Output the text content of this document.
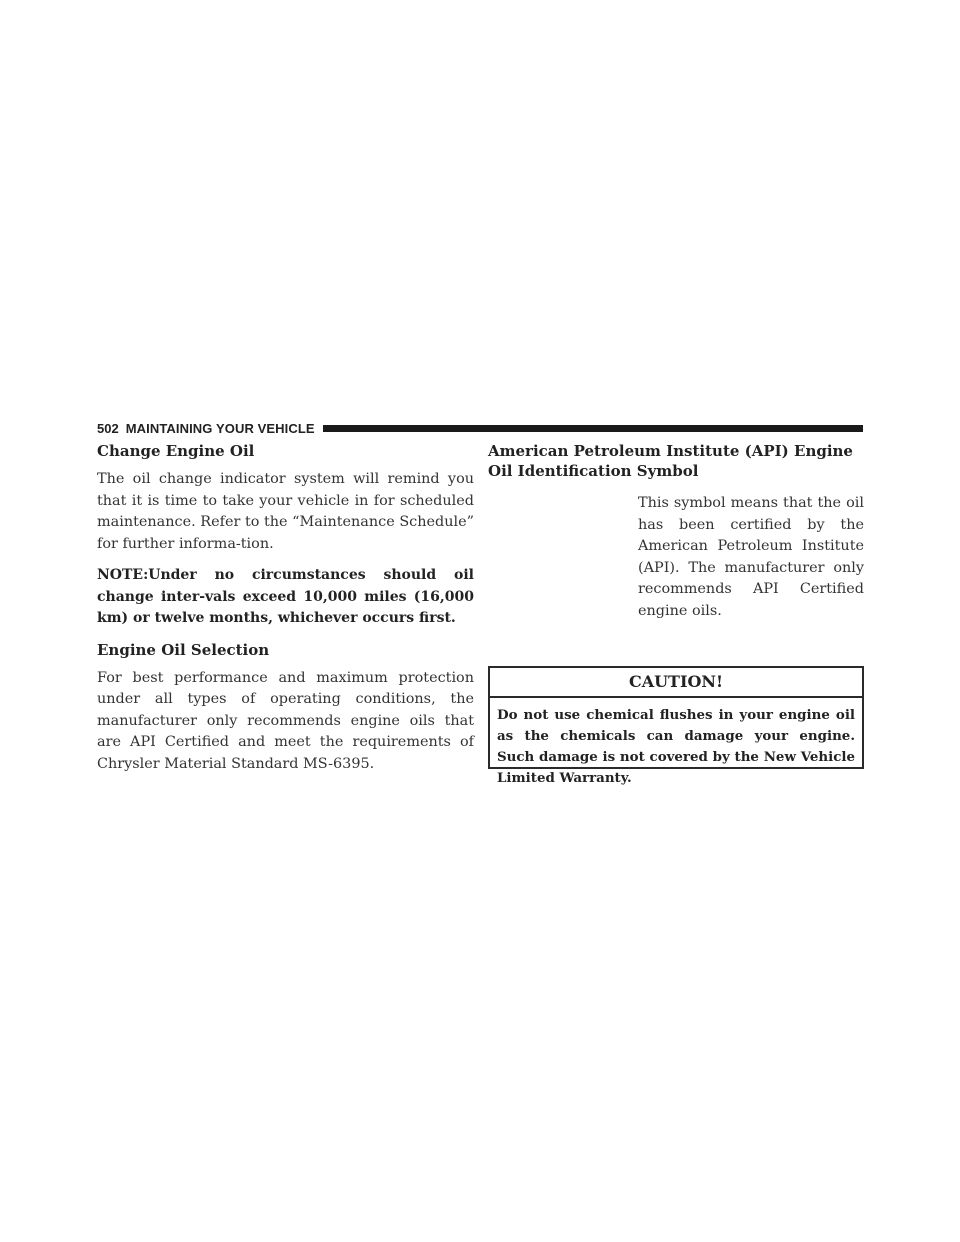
502 MAINTAINING YOUR VEHICLE
Change Engine Oil

The oil change indicator system will remind you that it is time to take your vehicle in for scheduled maintenance. Refer to the “Maintenance Schedule” for further informa-tion.

NOTE:Under no circumstances should oil change inter-vals exceed 10,000 miles (16,000 km) or twelve months, whichever occurs first.

Engine Oil Selection

For best performance and maximum protection under all types of operating conditions, the manufacturer only recommends engine oils that are API Certified and meet the requirements of Chrysler Material Standard MS-6395.

American Petroleum Institute (API) Engine Oil Identification Symbol

This symbol means that the oil has been certified by the American Petroleum Institute (API). The manufacturer only recommends API Certified engine oils.

CAUTION!
Do not use chemical flushes in your engine oil as the chemicals can damage your engine. Such damage is not covered by the New Vehicle Limited Warranty.
